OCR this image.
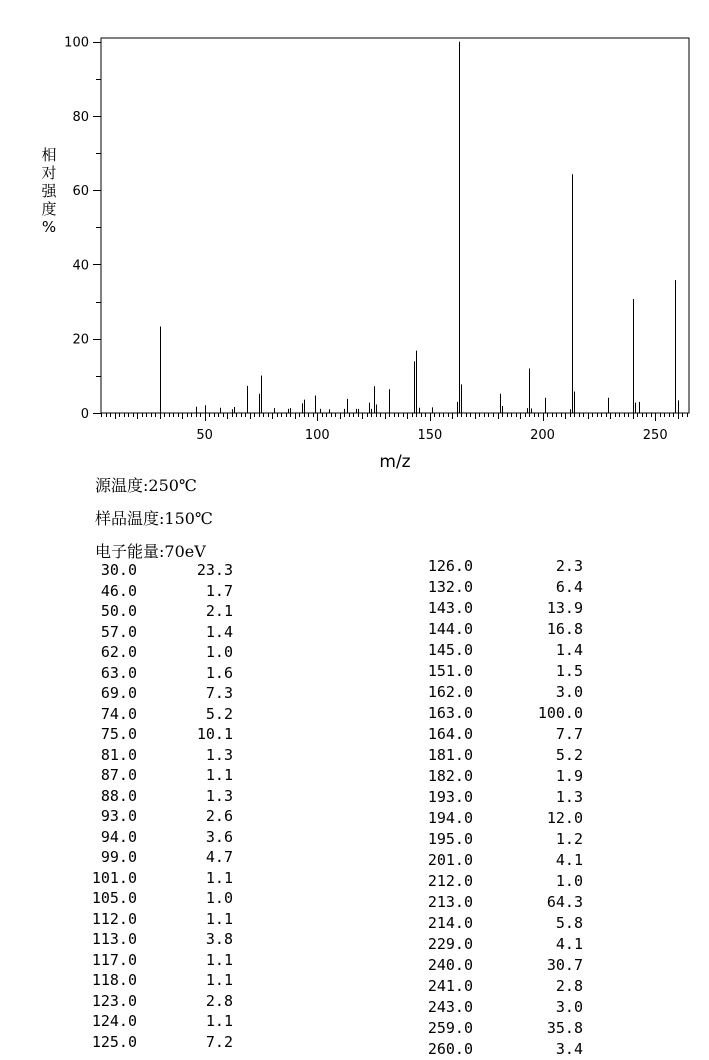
50	100	150	200	250
0
20
40
60
80
100
m/z
相
对
强
度
%
源温度:250℃
样品温度:150℃
电子能量:70eV
30.0	23.3
46.0	1.7
50.0	2.1
57.0	1.4
62.0	1.0
63.0	1.6
69.0	7.3
74.0	5.2
75.0	10.1
81.0	1.3
87.0	1.1
88.0	1.3
93.0	2.6
94.0	3.6
99.0	4.7
101.0	1.1
105.0	1.0
112.0	1.1
113.0	3.8
117.0	1.1
118.0	1.1
123.0	2.8
124.0	1.1
125.0	7.2
126.0	2.3
132.0	6.4
143.0	13.9
144.0	16.8
145.0	1.4
151.0	1.5
162.0	3.0
163.0	100.0
164.0	7.7
181.0	5.2
182.0	1.9
193.0	1.3
194.0	12.0
195.0	1.2
201.0	4.1
212.0	1.0
213.0	64.3
214.0	5.8
229.0	4.1
240.0	30.7
241.0	2.8
243.0	3.0
259.0	35.8
260.0	3.4
